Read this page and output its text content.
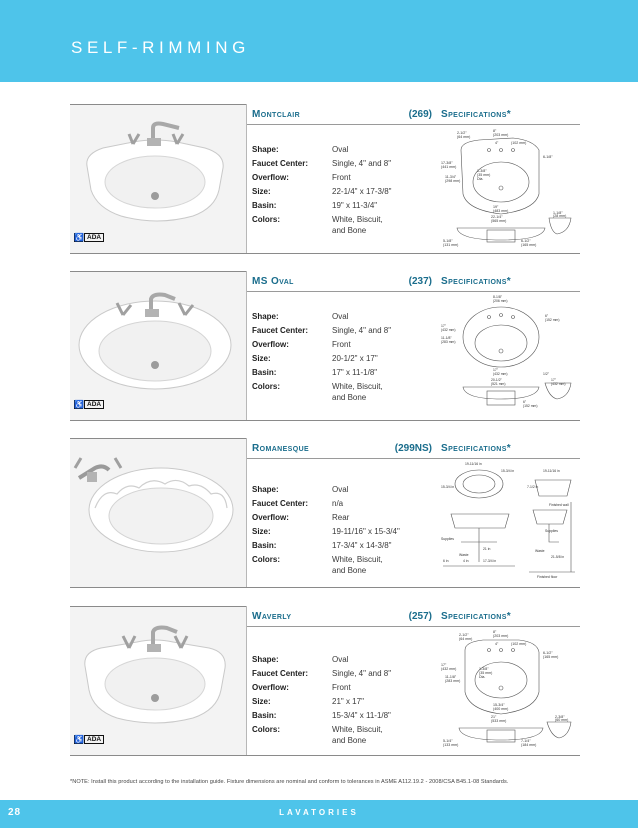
SELF-RIMMING
♿ ADA
Montclair	(269)
Shape:	Oval
Faucet Center:	Single, 4" and 8"
Overflow:	Front
Size:	22-1/4" x 17-3/8"
Basin:	19" x 11-3/4"
Colors:	White, Biscuit,
and Bone
Specifications*
2-1/2"
(64 mm)
8"
(203 mm)
4"	(102 mm)
6-1/8"
17-3/8"
(441 mm)
11-3/4"
(298 mm)
1-3/8"
(35 mm)
Dia.
19"
(483 mm)
22-1/4"
(565 mm)
1-1/8"
(28 mm)
5-1/8"
(131 mm)
6-1/2"
(165 mm)
♿ ADA
MS Oval	(237)
Shape:	Oval
Faucet Center:	Single, 4" and 8"
Overflow:	Front
Size:	20-1/2" x 17"
Basin:	17" x 11-1/8"
Colors:	White, Biscuit,
and Bone
Specifications*
8-1/8"
(206 mm)
6"
(152 mm)
17"
(432 mm)
11-1/8"
(283 mm)
17"
(432 mm)
20-1/2"
(521 mm)
1/2"
6"
(152 mm)
17"
(432 mm)
Romanesque	(299NS)
Shape:	Oval
Faucet Center:	n/a
Overflow:	Rear
Size:	19-11/16" x 15-3/4"
Basin:	17-3/4" x 14-3/8"
Colors:	White, Biscuit,
and Bone
Specifications*
19-11/16 in
15-3/4 in
19-11/16 in
15-3/4 in
7-1/2 in
Finished wall
Supplies
Supplies
21 in
Waste
Waste
21-5/8 in
6 in	4 in	17-3/4 in
Finished floor
♿ ADA
Waverly	(257)
Shape:	Oval
Faucet Center:	Single, 4" and 8"
Overflow:	Front
Size:	21" x 17"
Basin:	15-3/4" x 11-1/8"
Colors:	White, Biscuit,
and Bone
Specifications*
2-1/2"
(64 mm)
8"
(203 mm)
4"	(102 mm)
6-1/2"
(165 mm)
17"
(432 mm)
11-1/8"
(283 mm)
1-3/8"
(35 mm)
Dia.
15-3/4"
(400 mm)
21"
(533 mm)
2-3/8"
(60 mm)
5-1/4"
(133 mm)
7-1/4"
(184 mm)
*NOTE: Install this product according to the installation guide. Fixture dimensions are nominal and conform to tolerances in ASME A112.19.2 - 2008/CSA B45.1-08 Standards.
28	LAVATORIES
